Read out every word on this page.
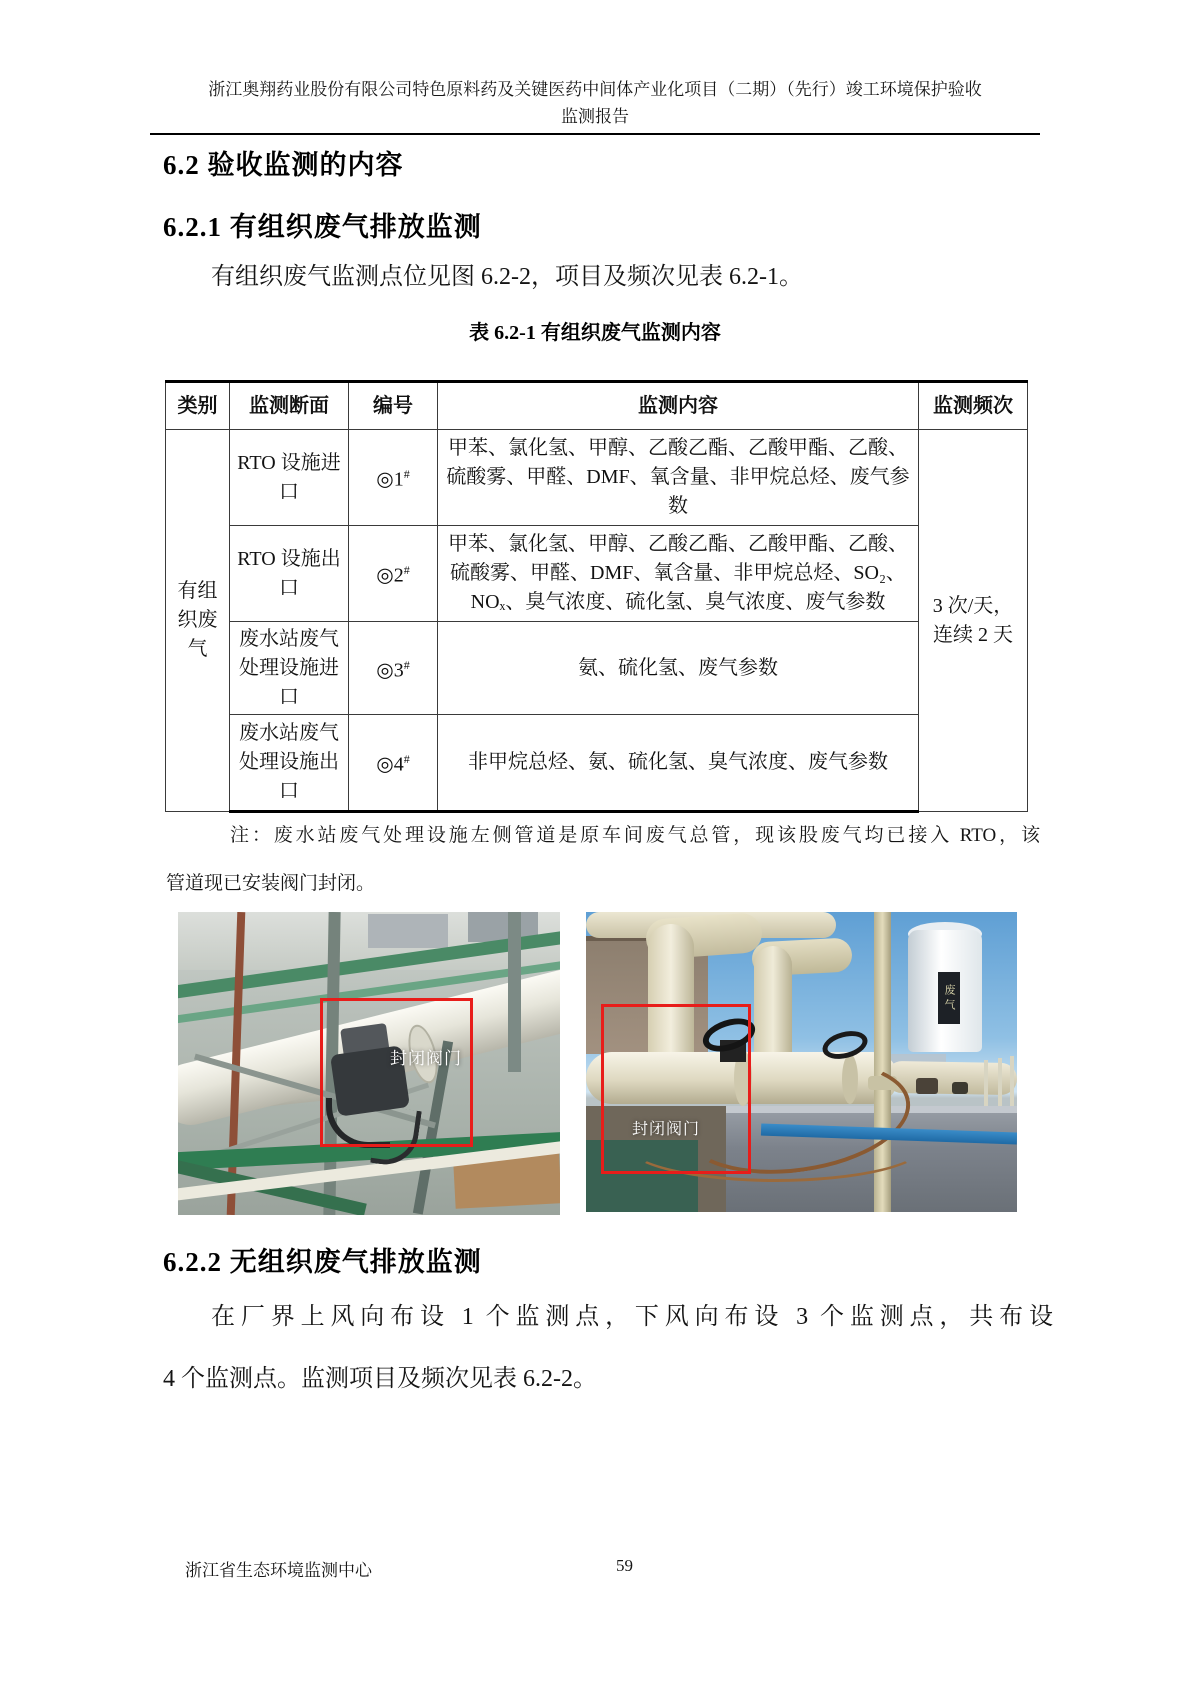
浙江奥翔药业股份有限公司特色原料药及关键医药中间体产业化项目（二期）（先行）竣工环境保护验收
监测报告
6.2 验收监测的内容
6.2.1 有组织废气排放监测
有组织废气监测点位见图 6.2-2，项目及频次见表 6.2-1。
表 6.2-1 有组织废气监测内容
类别	监测断面	编号	监测内容	监测频次
有组织废气	RTO 设施进口	◎1#	甲苯、氯化氢、甲醇、乙酸乙酯、乙酸甲酯、乙酸、硫酸雾、甲醛、DMF、氧含量、非甲烷总烃、废气参数	3 次/天，连续 2 天
	RTO 设施出口	◎2#	甲苯、氯化氢、甲醇、乙酸乙酯、乙酸甲酯、乙酸、硫酸雾、甲醛、DMF、氧含量、非甲烷总烃、SO₂、NOₓ、臭气浓度、硫化氢、臭气浓度、废气参数	
	废水站废气处理设施进口	◎3#	氨、硫化氢、废气参数	
	废水站废气处理设施出口	◎4#	非甲烷总烃、氨、硫化氢、臭气浓度、废气参数	
注：废水站废气处理设施左侧管道是原车间废气总管，现该股废气均已接入 RTO，该
管道现已安装阀门封闭。
封闭阀门
废气
封闭阀门
6.2.2 无组织废气排放监测
在厂界上风向布设 1 个监测点，下风向布设 3 个监测点，共布设
4 个监测点。监测项目及频次见表 6.2-2。
浙江省生态环境监测中心	59
